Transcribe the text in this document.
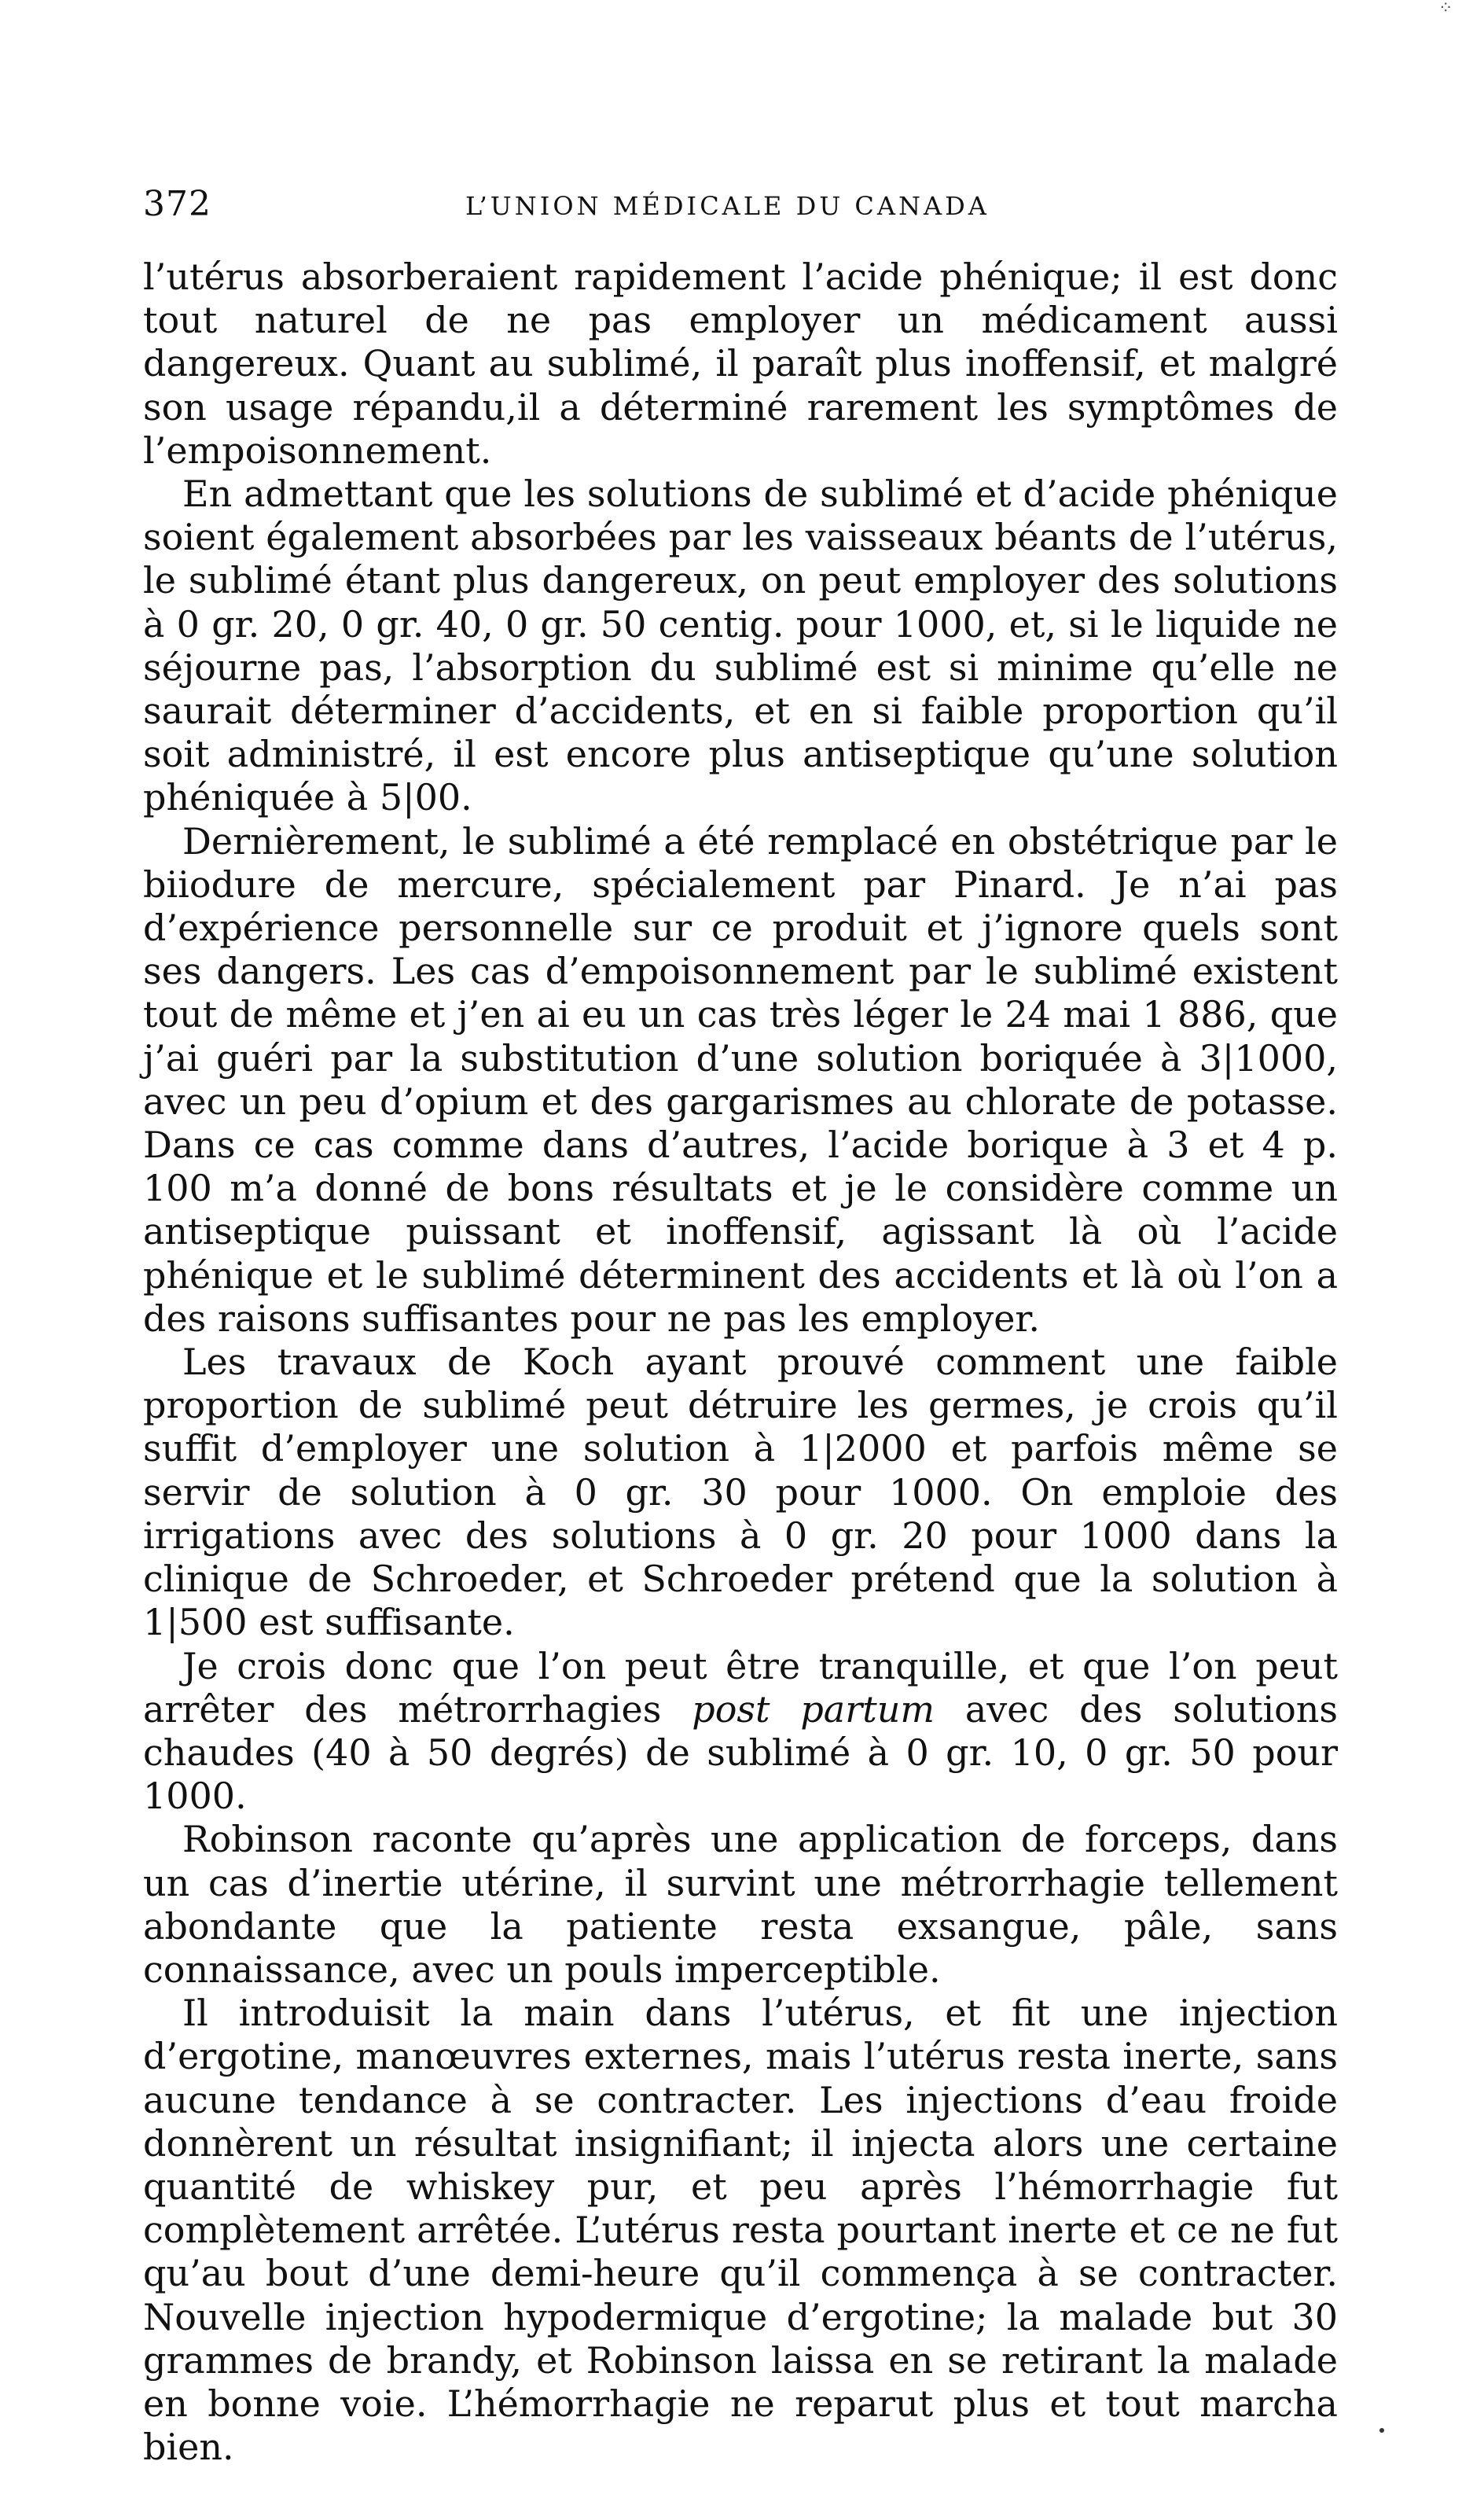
⁘
372	L’UNION MÉDICALE DU CANADA

l’utérus absorberaient rapidement l’acide phénique; il est donc tout naturel de ne pas employer un médicament aussi dangereux. Quant au sublimé, il paraît plus inoffensif, et malgré son usage répandu,il a déterminé rarement les symptômes de l’empoisonnement.

En admettant que les solutions de sublimé et d’acide phénique soient également absorbées par les vaisseaux béants de l’utérus, le sublimé étant plus dangereux, on peut employer des solutions à 0 gr. 20, 0 gr. 40, 0 gr. 50 centig. pour 1000, et, si le liquide ne séjourne pas, l’absorption du sublimé est si minime qu’elle ne saurait déterminer d’accidents, et en si faible proportion qu’il soit administré, il est encore plus antiseptique qu’une solution phéniquée à 5|00.

Dernièrement, le sublimé a été remplacé en obstétrique par le biiodure de mercure, spécialement par Pinard. Je n’ai pas d’expérience personnelle sur ce produit et j’ignore quels sont ses dangers. Les cas d’empoisonnement par le sublimé existent tout de même et j’en ai eu un cas très léger le 24 mai 1 886, que j’ai guéri par la substitution d’une solution boriquée à 3|1000, avec un peu d’opium et des gargarismes au chlorate de potasse. Dans ce cas comme dans d’autres, l’acide borique à 3 et 4 p. 100 m’a donné de bons résultats et je le considère comme un antiseptique puissant et inoffensif, agissant là où l’acide phénique et le sublimé déterminent des accidents et là où l’on a des raisons suffisantes pour ne pas les employer.

Les travaux de Koch ayant prouvé comment une faible proportion de sublimé peut détruire les germes, je crois qu’il suffit d’employer une solution à 1|2000 et parfois même se servir de solution à 0 gr. 30 pour 1000. On emploie des irrigations avec des solutions à 0 gr. 20 pour 1000 dans la clinique de Schroeder, et Schroeder prétend que la solution à 1|500 est suffisante.

Je crois donc que l’on peut être tranquille, et que l’on peut arrêter des métrorrhagies post partum avec des solutions chaudes (40 à 50 degrés) de sublimé à 0 gr. 10, 0 gr. 50 pour 1000.

Robinson raconte qu’après une application de forceps, dans un cas d’inertie utérine, il survint une métrorrhagie tellement abondante que la patiente resta exsangue, pâle, sans connaissance, avec un pouls imperceptible.

Il introduisit la main dans l’utérus, et fit une injection d’ergotine, manœuvres externes, mais l’utérus resta inerte, sans aucune tendance à se contracter. Les injections d’eau froide donnèrent un résultat insignifiant; il injecta alors une certaine quantité de whiskey pur, et peu après l’hémorrhagie fut complètement arrêtée. L’utérus resta pourtant inerte et ce ne fut qu’au bout d’une demi-heure qu’il commença à se contracter. Nouvelle injection hypodermique d’ergotine; la malade but 30 grammes de brandy, et Robinson laissa en se retirant la malade en bonne voie. L’hémorrhagie ne reparut plus et tout marcha bien.
